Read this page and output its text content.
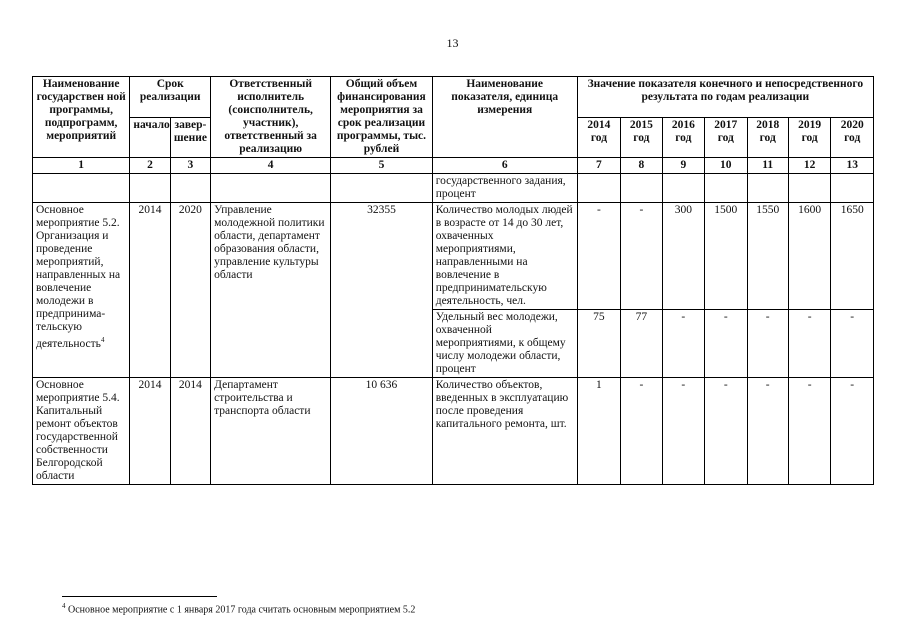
13
Наименование государствен ной программы, подпрограмм, мероприятий	Срок реализации		Ответственный исполнитель (соисполнитель, участник), ответственный за реализацию	Общий объем финансирования мероприятия за срок реализации программы, тыс. рублей	Наименование показателя, единица измерения	Значение показателя конечного и непосредственного результата по годам реализации						
	начало	завер-шение				2014 год	2015 год	2016 год	2017 год	2018 год	2019 год	2020 год
1	2	3	4	5	6	7	8	9	10	11	12	13
					государственного задания, процент							
Основное мероприятие 5.2. Организация и проведение мероприятий, направленных на вовлечение молодежи в предпринима-тельскую деятельность$^4$	2014	2020	Управление молодежной политики области, департамент образования области, управление культуры области	32355	Количество молодых людей в возрасте от 14 до 30 лет, охваченных мероприятиями, направленными на вовлечение в предпринимательскую деятельность, чел.	-	-	300	1500	1550	1600	1650
					Удельный вес молодежи, охваченной мероприятиями, к общему числу молодежи области, процент	75	77	-	-	-	-	-
Основное мероприятие 5.4. Капитальный ремонт объектов государственной собственности Белгородской области	2014	2014	Департамент строительства и транспорта области	10 636	Количество объектов, введенных в эксплуатацию после проведения капитального ремонта, шт.	1	-	-	-	-	-	-
$^4$ Основное мероприятие с 1 января 2017 года считать основным мероприятием 5.2
